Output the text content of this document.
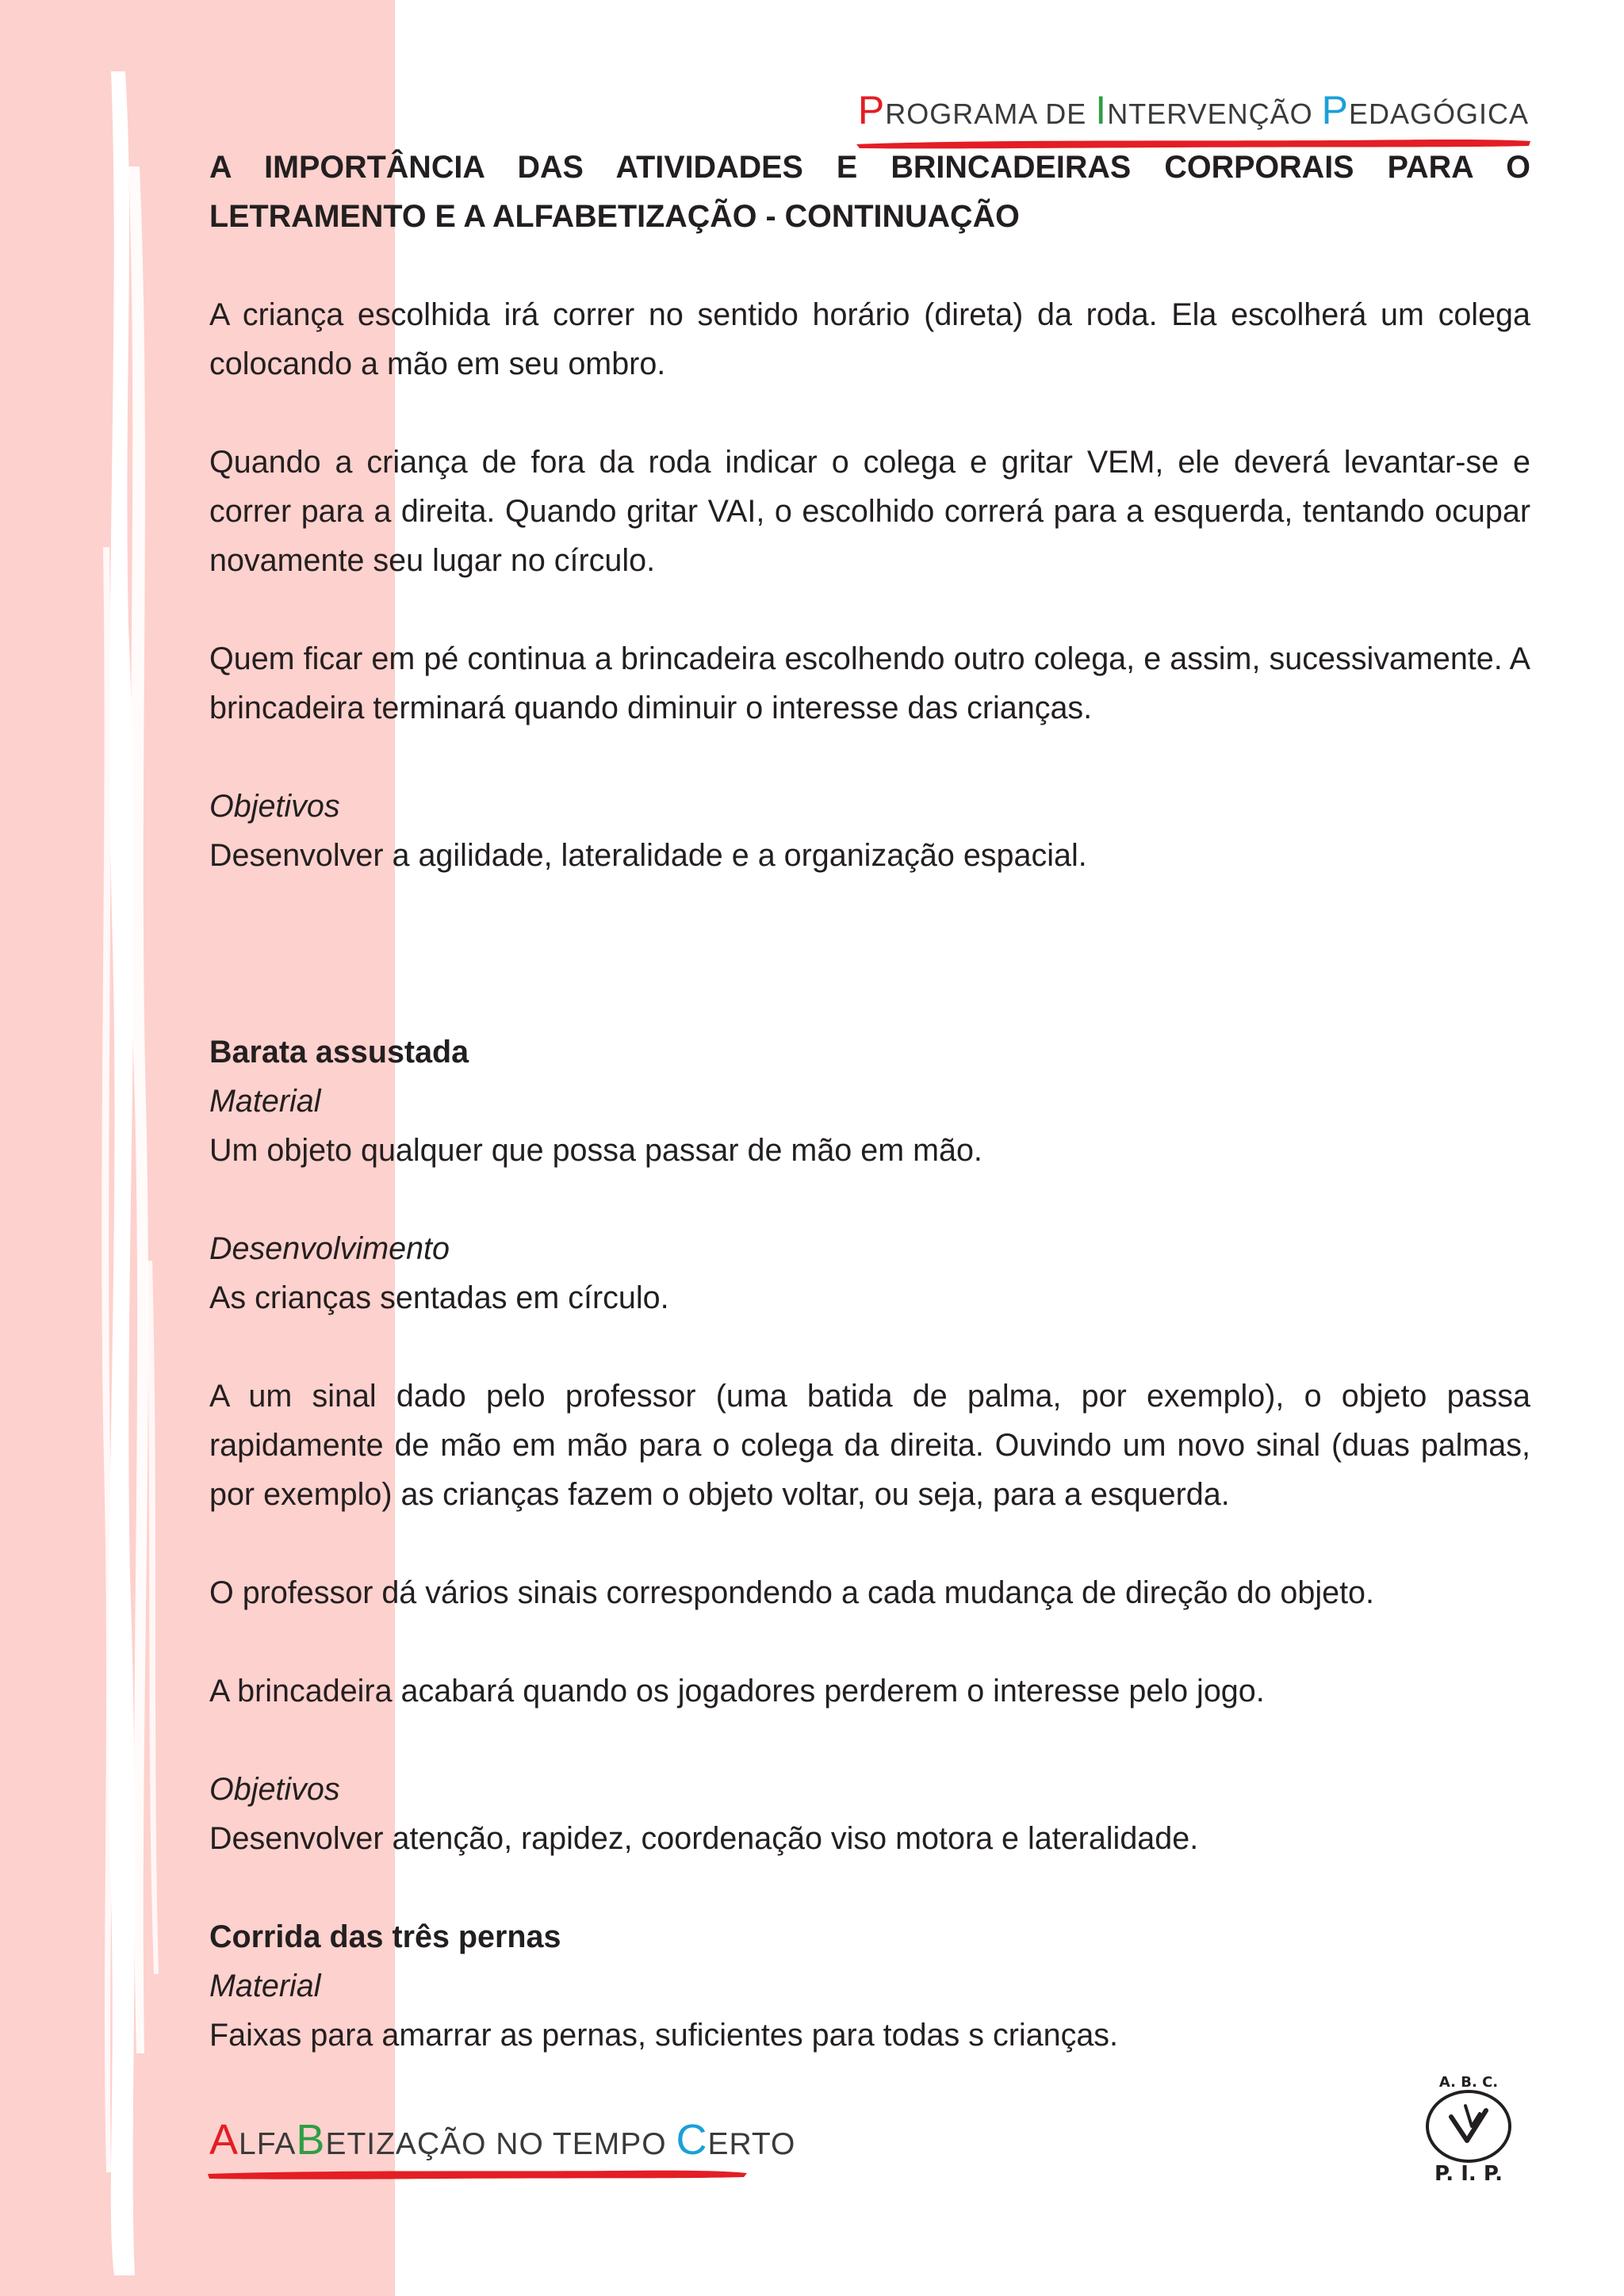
PROGRAMA DE INTERVENÇÃO PEDAGÓGICA

A IMPORTÂNCIA DAS ATIVIDADES E BRINCADEIRAS CORPORAIS PARA O LETRAMENTO E A ALFABETIZAÇÃO - CONTINUAÇÃO

A criança escolhida irá correr no sentido horário (direta) da roda. Ela escolherá um colega colocando a mão em seu ombro.

Quando a criança de fora da roda indicar o colega e gritar VEM, ele deverá levantar-se e correr para a direita. Quando gritar VAI, o escolhido correrá para a esquerda, tentando ocupar novamente seu lugar no círculo.

Quem ficar em pé continua a brincadeira escolhendo outro colega, e assim, sucessivamente. A brincadeira terminará quando diminuir o interesse das crianças.

Objetivos

Desenvolver a agilidade, lateralidade e a organização espacial.

Barata assustada

Material

Um objeto qualquer que possa passar de mão em mão.

Desenvolvimento

As crianças sentadas em círculo.

A um sinal dado pelo professor (uma batida de palma, por exemplo), o objeto passa rapidamente de mão em mão para o colega da direita. Ouvindo um novo sinal (duas palmas, por exemplo) as crianças fazem o objeto voltar, ou seja, para a esquerda.

O professor dá vários sinais correspondendo a cada mudança de direção do objeto.

A brincadeira acabará quando os jogadores perderem o interesse pelo jogo.

Objetivos

Desenvolver atenção, rapidez, coordenação viso motora e lateralidade.

Corrida das três pernas

Material

Faixas para amarrar as pernas, suficientes para todas s crianças.

ALFABETIZAÇÃO NO TEMPO CERTO
A. B. C.
P. I. P.
